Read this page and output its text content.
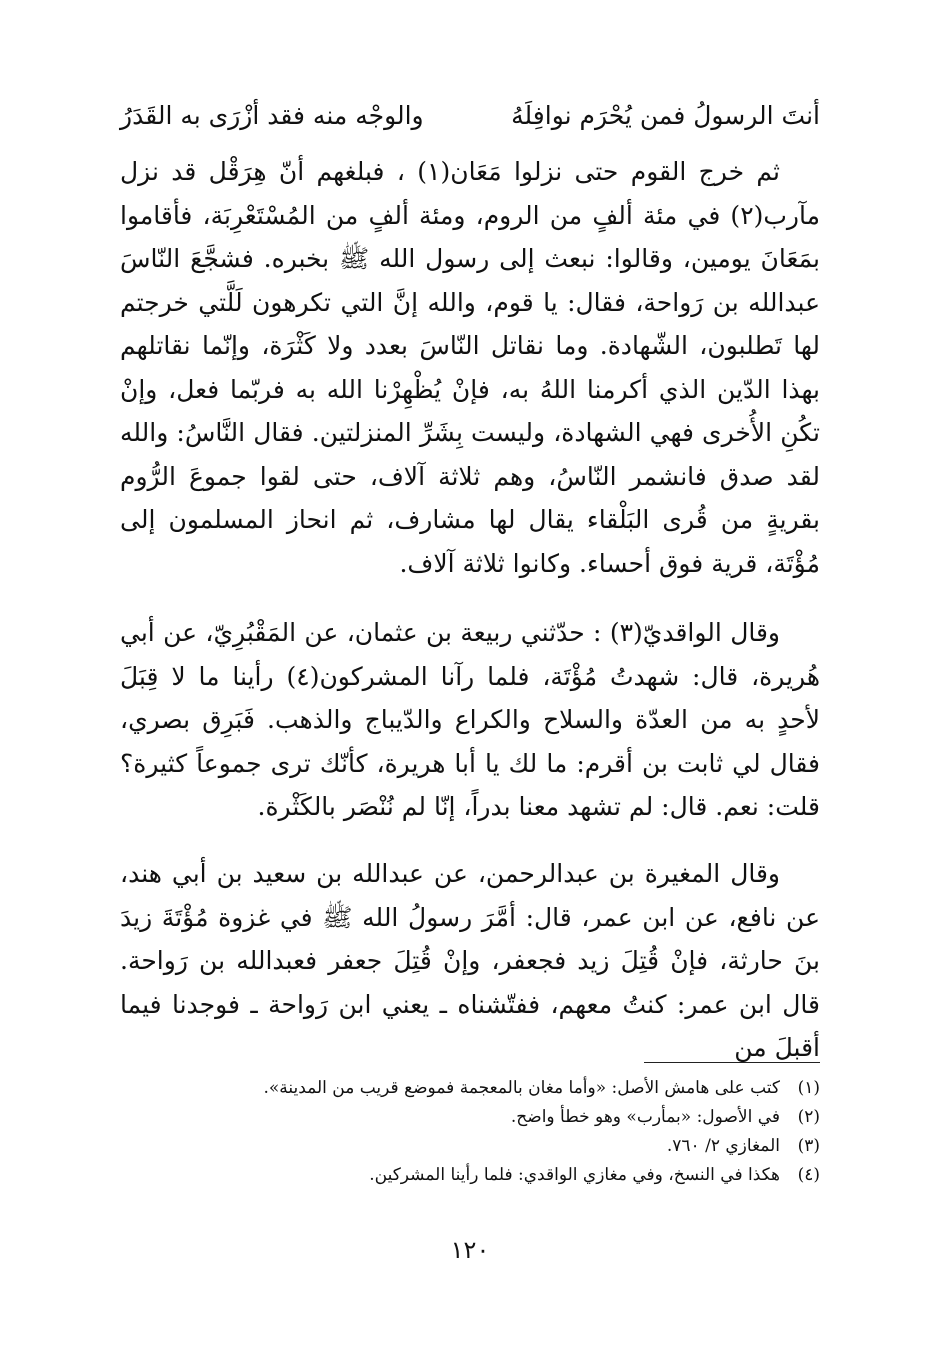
أنتَ الرسولُ فمن يُحْرَم نوافِلَهُ
والوجْه منه فقد أزْرَى به القَدَرُ

ثم خرج القوم حتى نزلوا مَعَان(١) ، فبلغهم أنّ هِرَقْل قد نزل مآرب(٢) في مئة ألفٍ من الروم، ومئة ألفٍ من المُسْتَعْرِبَة، فأقاموا بمَعَانَ يومين، وقالوا: نبعث إلى رسول الله ﷺ بخبره. فشجَّعَ النّاسَ عبدالله بن رَواحة، فقال: يا قوم، والله إنَّ التي تكرهون لَلَّتي خرجتم لها تَطلبون، الشّهادة. وما نقاتل النّاسَ بعدد ولا كَثْرَة، وإنّما نقاتلهم بهذا الدّين الذي أكرمنا اللهُ به، فإنْ يُظْهِرْنا الله به فربّما فعل، وإنْ تكُنِ الأُخرى فهي الشهادة، وليست بِشَرِّ المنزلتين. فقال النَّاسُ: والله لقد صدق فانشمر النّاسُ، وهم ثلاثة آلاف، حتى لقوا جموعَ الرُّوم بقريةٍ من قُرى البَلْقاء يقال لها مشارف، ثم انحاز المسلمون إلى مُؤْتَة، قرية فوق أحساء. وكانوا ثلاثة آلاف.

وقال الواقديّ(٣) : حدّثني ربيعة بن عثمان، عن المَقْبُرِيّ، عن أبي هُريرة، قال: شهدتُ مُؤْتَة، فلما رآنا المشركون(٤) رأينا ما لا قِبَلَ لأحدٍ به من العدّة والسلاح والكراع والدّيباج والذهب. فَبَرِق بصري، فقال لي ثابت بن أقرم: ما لك يا أبا هريرة، كأنّك ترى جموعاً كثيرة؟ قلت: نعم. قال: لم تشهد معنا بدراً، إنّا لم نُنْصَر بالكَثْرة.

وقال المغيرة بن عبدالرحمن، عن عبدالله بن سعيد بن أبي هند، عن نافع، عن ابن عمر، قال: أمَّرَ رسولُ الله ﷺ في غزوة مُؤْتَةَ زيدَ بنَ حارثة، فإنْ قُتِلَ زيد فجعفر، وإنْ قُتِلَ جعفر فعبدالله بن رَواحة. قال ابن عمر: كنتُ معهم، ففتّشناه ـ يعني ابن رَواحة ـ فوجدنا فيما أقبلَ من

(١)
كتب على هامش الأصل: «وأما مغان بالمعجمة فموضع قريب من المدينة».
(٢)
في الأصول: «بمأرب» وهو خطأ واضح.
(٣)
المغازي ٢/ ٧٦٠.
(٤)
هكذا في النسخ، وفي مغازي الواقدي: فلما رأينا المشركين.
١٢٠
